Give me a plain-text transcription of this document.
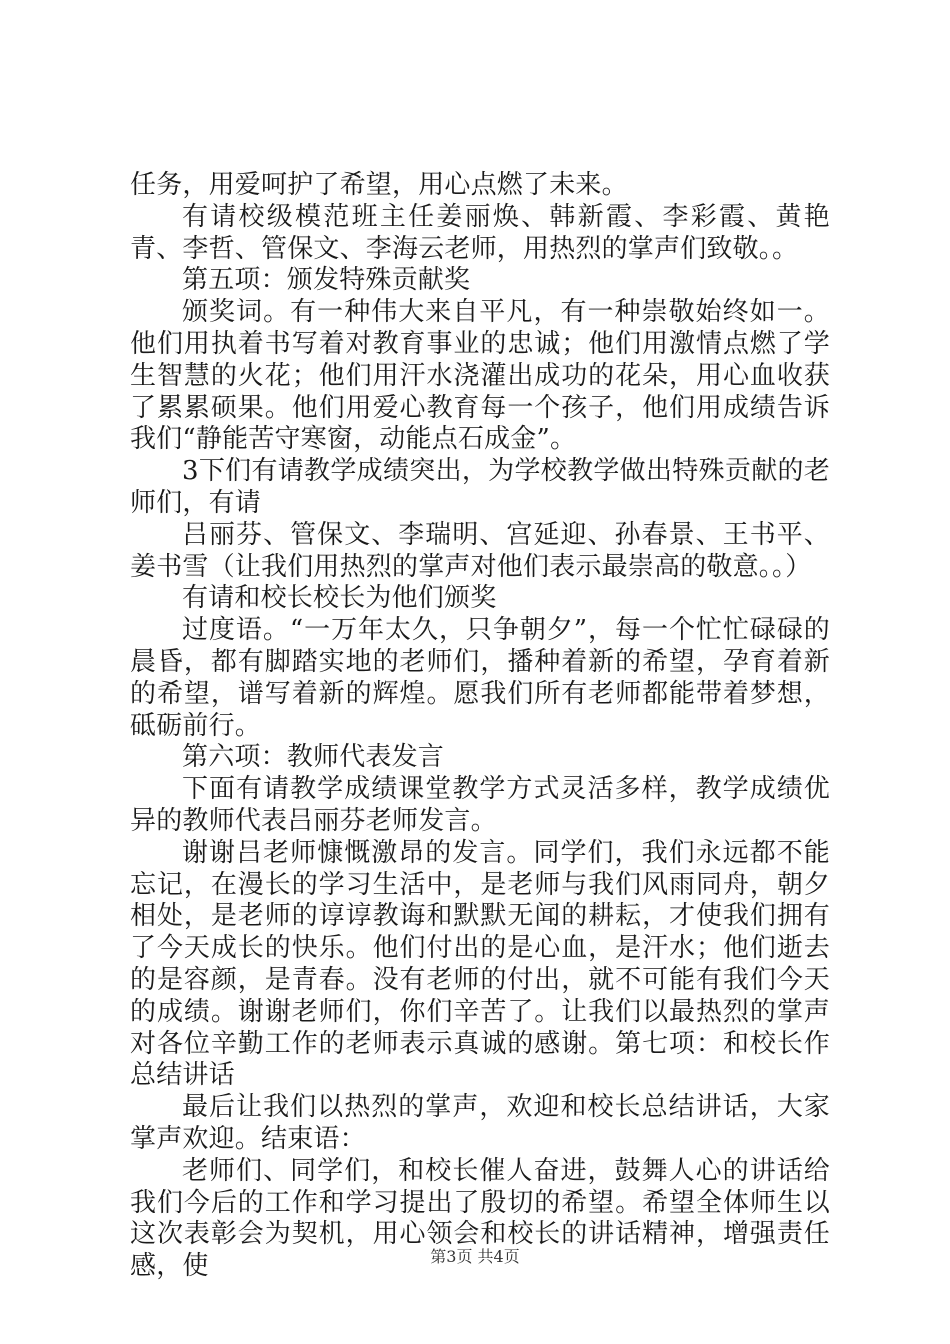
任务，用爱呵护了希望，用心点燃了未来。

有请校级模范班主任姜丽焕、韩新霞、李彩霞、黄艳青、李哲、管保文、李海云老师，用热烈的掌声们致敬。。

第五项：颁发特殊贡献奖

颁奖词。有一种伟大来自平凡，有一种崇敬始终如一。他们用执着书写着对教育事业的忠诚；他们用激情点燃了学生智慧的火花；他们用汗水浇灌出成功的花朵，用心血收获了累累硕果。他们用爱心教育每一个孩子，他们用成绩告诉我们“静能苦守寒窗，动能点石成金”。

3下们有请教学成绩突出，为学校教学做出特殊贡献的老师们，有请

吕丽芬、管保文、李瑞明、宫延迎、孙春景、王书平、姜书雪（让我们用热烈的掌声对他们表示最崇高的敬意。。）

有请和校长校长为他们颁奖

过度语。“一万年太久，只争朝夕”，每一个忙忙碌碌的晨昏，都有脚踏实地的老师们，播种着新的希望，孕育着新的希望，谱写着新的辉煌。愿我们所有老师都能带着梦想，砥砺前行。

第六项：教师代表发言

下面有请教学成绩课堂教学方式灵活多样，教学成绩优异的教师代表吕丽芬老师发言。

谢谢吕老师慷慨激昂的发言。同学们，我们永远都不能忘记，在漫长的学习生活中，是老师与我们风雨同舟，朝夕相处，是老师的谆谆教诲和默默无闻的耕耘，才使我们拥有了今天成长的快乐。他们付出的是心血，是汗水；他们逝去的是容颜，是青春。没有老师的付出，就不可能有我们今天的成绩。谢谢老师们，你们辛苦了。让我们以最热烈的掌声对各位辛勤工作的老师表示真诚的感谢。第七项：和校长作总结讲话

最后让我们以热烈的掌声，欢迎和校长总结讲话，大家掌声欢迎。结束语：

老师们、同学们，和校长催人奋进，鼓舞人心的讲话给我们今后的工作和学习提出了殷切的希望。希望全体师生以这次表彰会为契机，用心领会和校长的讲话精神，增强责任感，使	第3页 共4页
